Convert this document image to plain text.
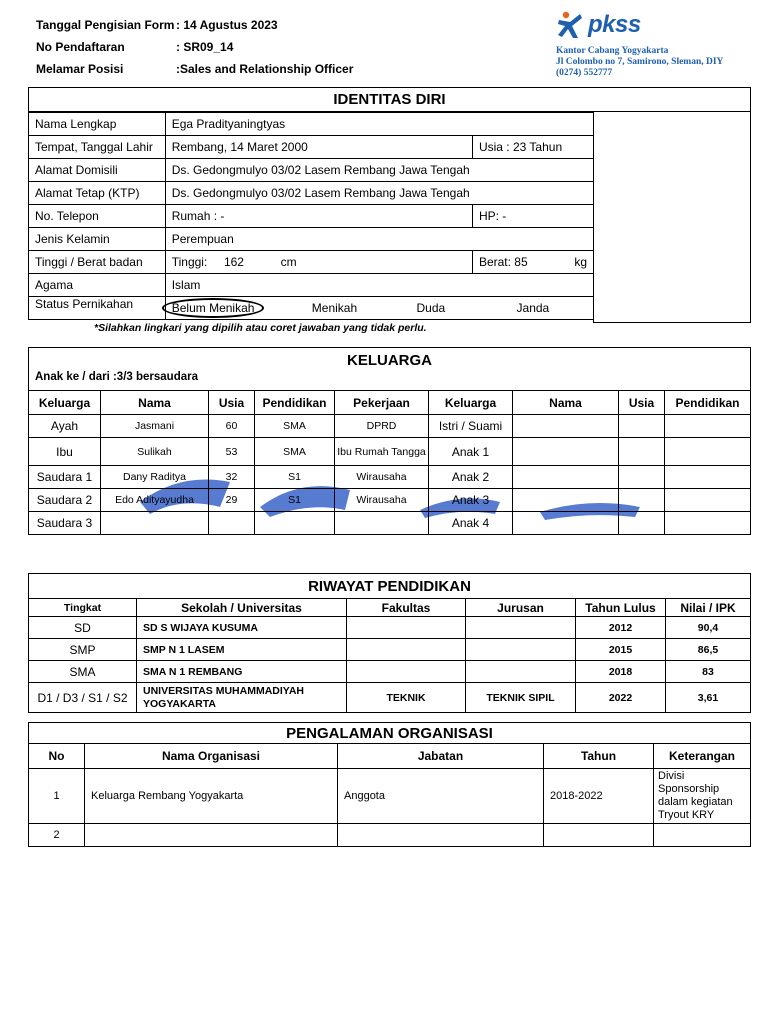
Tanggal Pengisian Form : 14 Agustus 2023
No Pendaftaran	: SR09_14
Melamar Posisi	:Sales and Relationship Officer
pkss
Kantor Cabang Yogyakarta
Jl Colombo no 7, Samirono, Sleman, DIY
(0274) 552777
IDENTITAS DIRI
Nama Lengkap	Ega Pradityaningtyas	
Tempat, Tanggal Lahir	Rembang, 14 Maret 2000	Usia : 23 Tahun
Alamat Domisili	Ds. Gedongmulyo 03/02 Lasem Rembang Jawa Tengah	
Alamat Tetap (KTP)	Ds. Gedongmulyo 03/02 Lasem Rembang Jawa Tengah	
No. Telepon	Rumah : -	HP: -
Jenis Kelamin	Perempuan	
Tinggi / Berat badan	Tinggi:     162           cm	Berat: 85              kg
Agama	Islam	
Status Pernikahan	Belum Menikah Menikah Duda Janda	
*Silahkan lingkari yang dipilih atau coret jawaban yang tidak perlu.
KELUARGA
Anak ke / dari :3/3 bersaudara
Keluarga	Nama	Usia	Pendidikan	Pekerjaan	Keluarga	Nama	Usia	Pendidikan
Ayah	Jasmani	60	SMA	DPRD	Istri / Suami			
Ibu	Sulikah	53	SMA	Ibu Rumah Tangga	Anak 1			
Saudara 1	Dany Raditya	32	S1	Wirausaha	Anak 2			
Saudara 2	Edo Adityayudha	29	S1	Wirausaha	Anak 3			
Saudara 3					Anak 4			
RIWAYAT PENDIDIKAN
Tingkat	Sekolah / Universitas	Fakultas	Jurusan	Tahun Lulus	Nilai / IPK
SD	SD S WIJAYA KUSUMA			2012	90,4
SMP	SMP N 1 LASEM			2015	86,5
SMA	SMA N 1 REMBANG			2018	83
D1 / D3 / S1 / S2	UNIVERSITAS MUHAMMADIYAH YOGYAKARTA	TEKNIK	TEKNIK SIPIL	2022	3,61
PENGALAMAN ORGANISASI
No	Nama Organisasi	Jabatan	Tahun	Keterangan
1	Keluarga Rembang Yogyakarta	Anggota	2018-2022	Divisi Sponsorship dalam kegiatan Tryout KRY
2				
